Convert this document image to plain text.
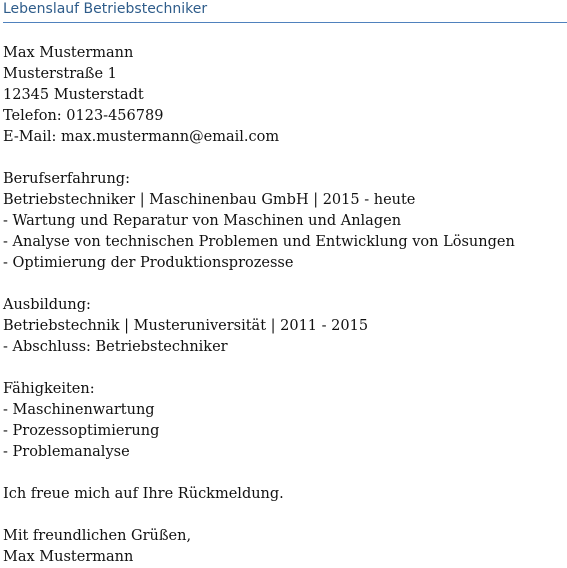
Lebenslauf Betriebstechniker
Max Mustermann
Musterstraße 1
12345 Musterstadt
Telefon: 0123-456789
E-Mail: max.mustermann@email.com
Berufserfahrung:
Betriebstechniker | Maschinenbau GmbH | 2015 - heute
- Wartung und Reparatur von Maschinen und Anlagen
- Analyse von technischen Problemen und Entwicklung von Lösungen
- Optimierung der Produktionsprozesse
Ausbildung:
Betriebstechnik | Musteruniversität | 2011 - 2015
- Abschluss: Betriebstechniker
Fähigkeiten:
- Maschinenwartung
- Prozessoptimierung
- Problemanalyse
Ich freue mich auf Ihre Rückmeldung.
Mit freundlichen Grüßen,
Max Mustermann
